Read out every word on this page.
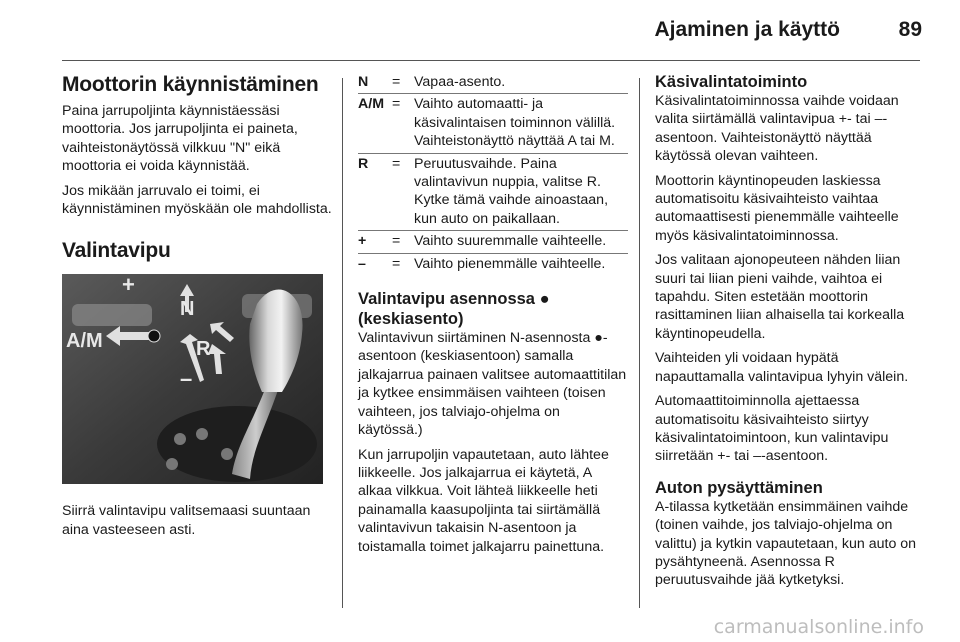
Ajaminen ja käyttö	89
Moottorin käynnistäminen

Paina jarrupoljinta käynnistäessäsi moottoria. Jos jarrupoljinta ei paineta, vaihteistonäytössä vilkkuu "N" eikä moottoria ei voida käynnistää.

Jos mikään jarruvalo ei toimi, ei käynnistäminen myöskään ole mahdollista.

Valintavipu
+
–
N
R
A/M

Siirrä valintavipu valitsemaasi suuntaan aina vasteeseen asti.

N	= Vapaa-asento.
A/M = Vaihto automaatti- ja käsivalintaisen toiminnon välillä. Vaihteistonäyttö näyttää A tai M.
R	= Peruutusvaihde. Paina valintavivun nuppia, valitse R. Kytke tämä vaihde ainoastaan, kun auto on paikallaan.
+	= Vaihto suuremmalle vaihteelle.
–	= Vaihto pienemmälle vaihteelle.
Valintavipu asennossa ● (keskiasento)

Valintavivun siirtäminen N-asennosta ●-asentoon (keskiasentoon) samalla jalkajarrua painaen valitsee automaattitilan ja kytkee ensimmäisen vaihteen (toisen vaihteen, jos talviajo-ohjelma on käytössä.)

Kun jarrupoljin vapautetaan, auto lähtee liikkeelle. Jos jalkajarrua ei käytetä, A alkaa vilkkua. Voit lähteä liikkeelle heti painamalla kaasupoljinta tai siirtämällä valintavivun takaisin N-asentoon ja toistamalla toimet jalkajarru painettuna.

Käsivalintatoiminto

Käsivalintatoiminnossa vaihde voidaan valita siirtämällä valintavipua +- tai –-asentoon. Vaihteistonäyttö näyttää käytössä olevan vaihteen.

Moottorin käyntinopeuden laskiessa automatisoitu käsivaihteisto vaihtaa automaattisesti pienemmälle vaihteelle myös käsivalintatoiminnossa.

Jos valitaan ajonopeuteen nähden liian suuri tai liian pieni vaihde, vaihtoa ei tapahdu. Siten estetään moottorin rasittaminen liian alhaisella tai korkealla käyntinopeudella.

Vaihteiden yli voidaan hypätä napauttamalla valintavipua lyhyin välein.

Automaattitoiminnolla ajettaessa automatisoitu käsivaihteisto siirtyy käsivalintatoimintoon, kun valintavipu siirretään +- tai –-asentoon.

Auton pysäyttäminen

A-tilassa kytketään ensimmäinen vaihde (toinen vaihde, jos talviajo-ohjelma on valittu) ja kytkin vapautetaan, kun auto on pysähtyneenä. Asennossa R peruutusvaihde jää kytketyksi.

carmanualsonline.info
